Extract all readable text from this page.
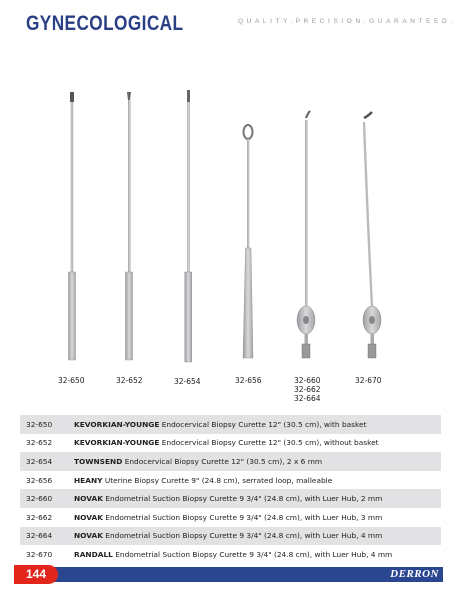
GYNECOLOGICAL	QUALITY.PRECISION.GUARANTEED.
32-650	32-652	32-654	32-656	32-660
32-662
32-664
32-670
32-650	KEVORKIAN-YOUNGE Endocervical Biopsy Curette 12" (30.5 cm), with basket
32-652	KEVORKIAN-YOUNGE Endocervical Biopsy Curette 12" (30.5 cm), without basket
32-654	TOWNSEND Endocervical Biopsy Curette 12" (30.5 cm), 2 x 6 mm
32-656	HEANY Uterine Biopsy Curette 9" (24.8 cm), serrated loop, malleable
32-660	NOVAK Endometrial Suction Biopsy Curette 9 3/4" (24.8 cm), with Luer Hub, 2 mm
32-662	NOVAK Endometrial Suction Biopsy Curette 9 3/4" (24.8 cm), with Luer Hub, 3 mm
32-664	NOVAK Endometrial Suction Biopsy Curette 9 3/4" (24.8 cm), with Luer Hub, 4 mm
32-670	RANDALL Endometrial Suction Biopsy Curette 9 3/4" (24.8 cm), with Luer Hub, 4 mm
144	DERRON
